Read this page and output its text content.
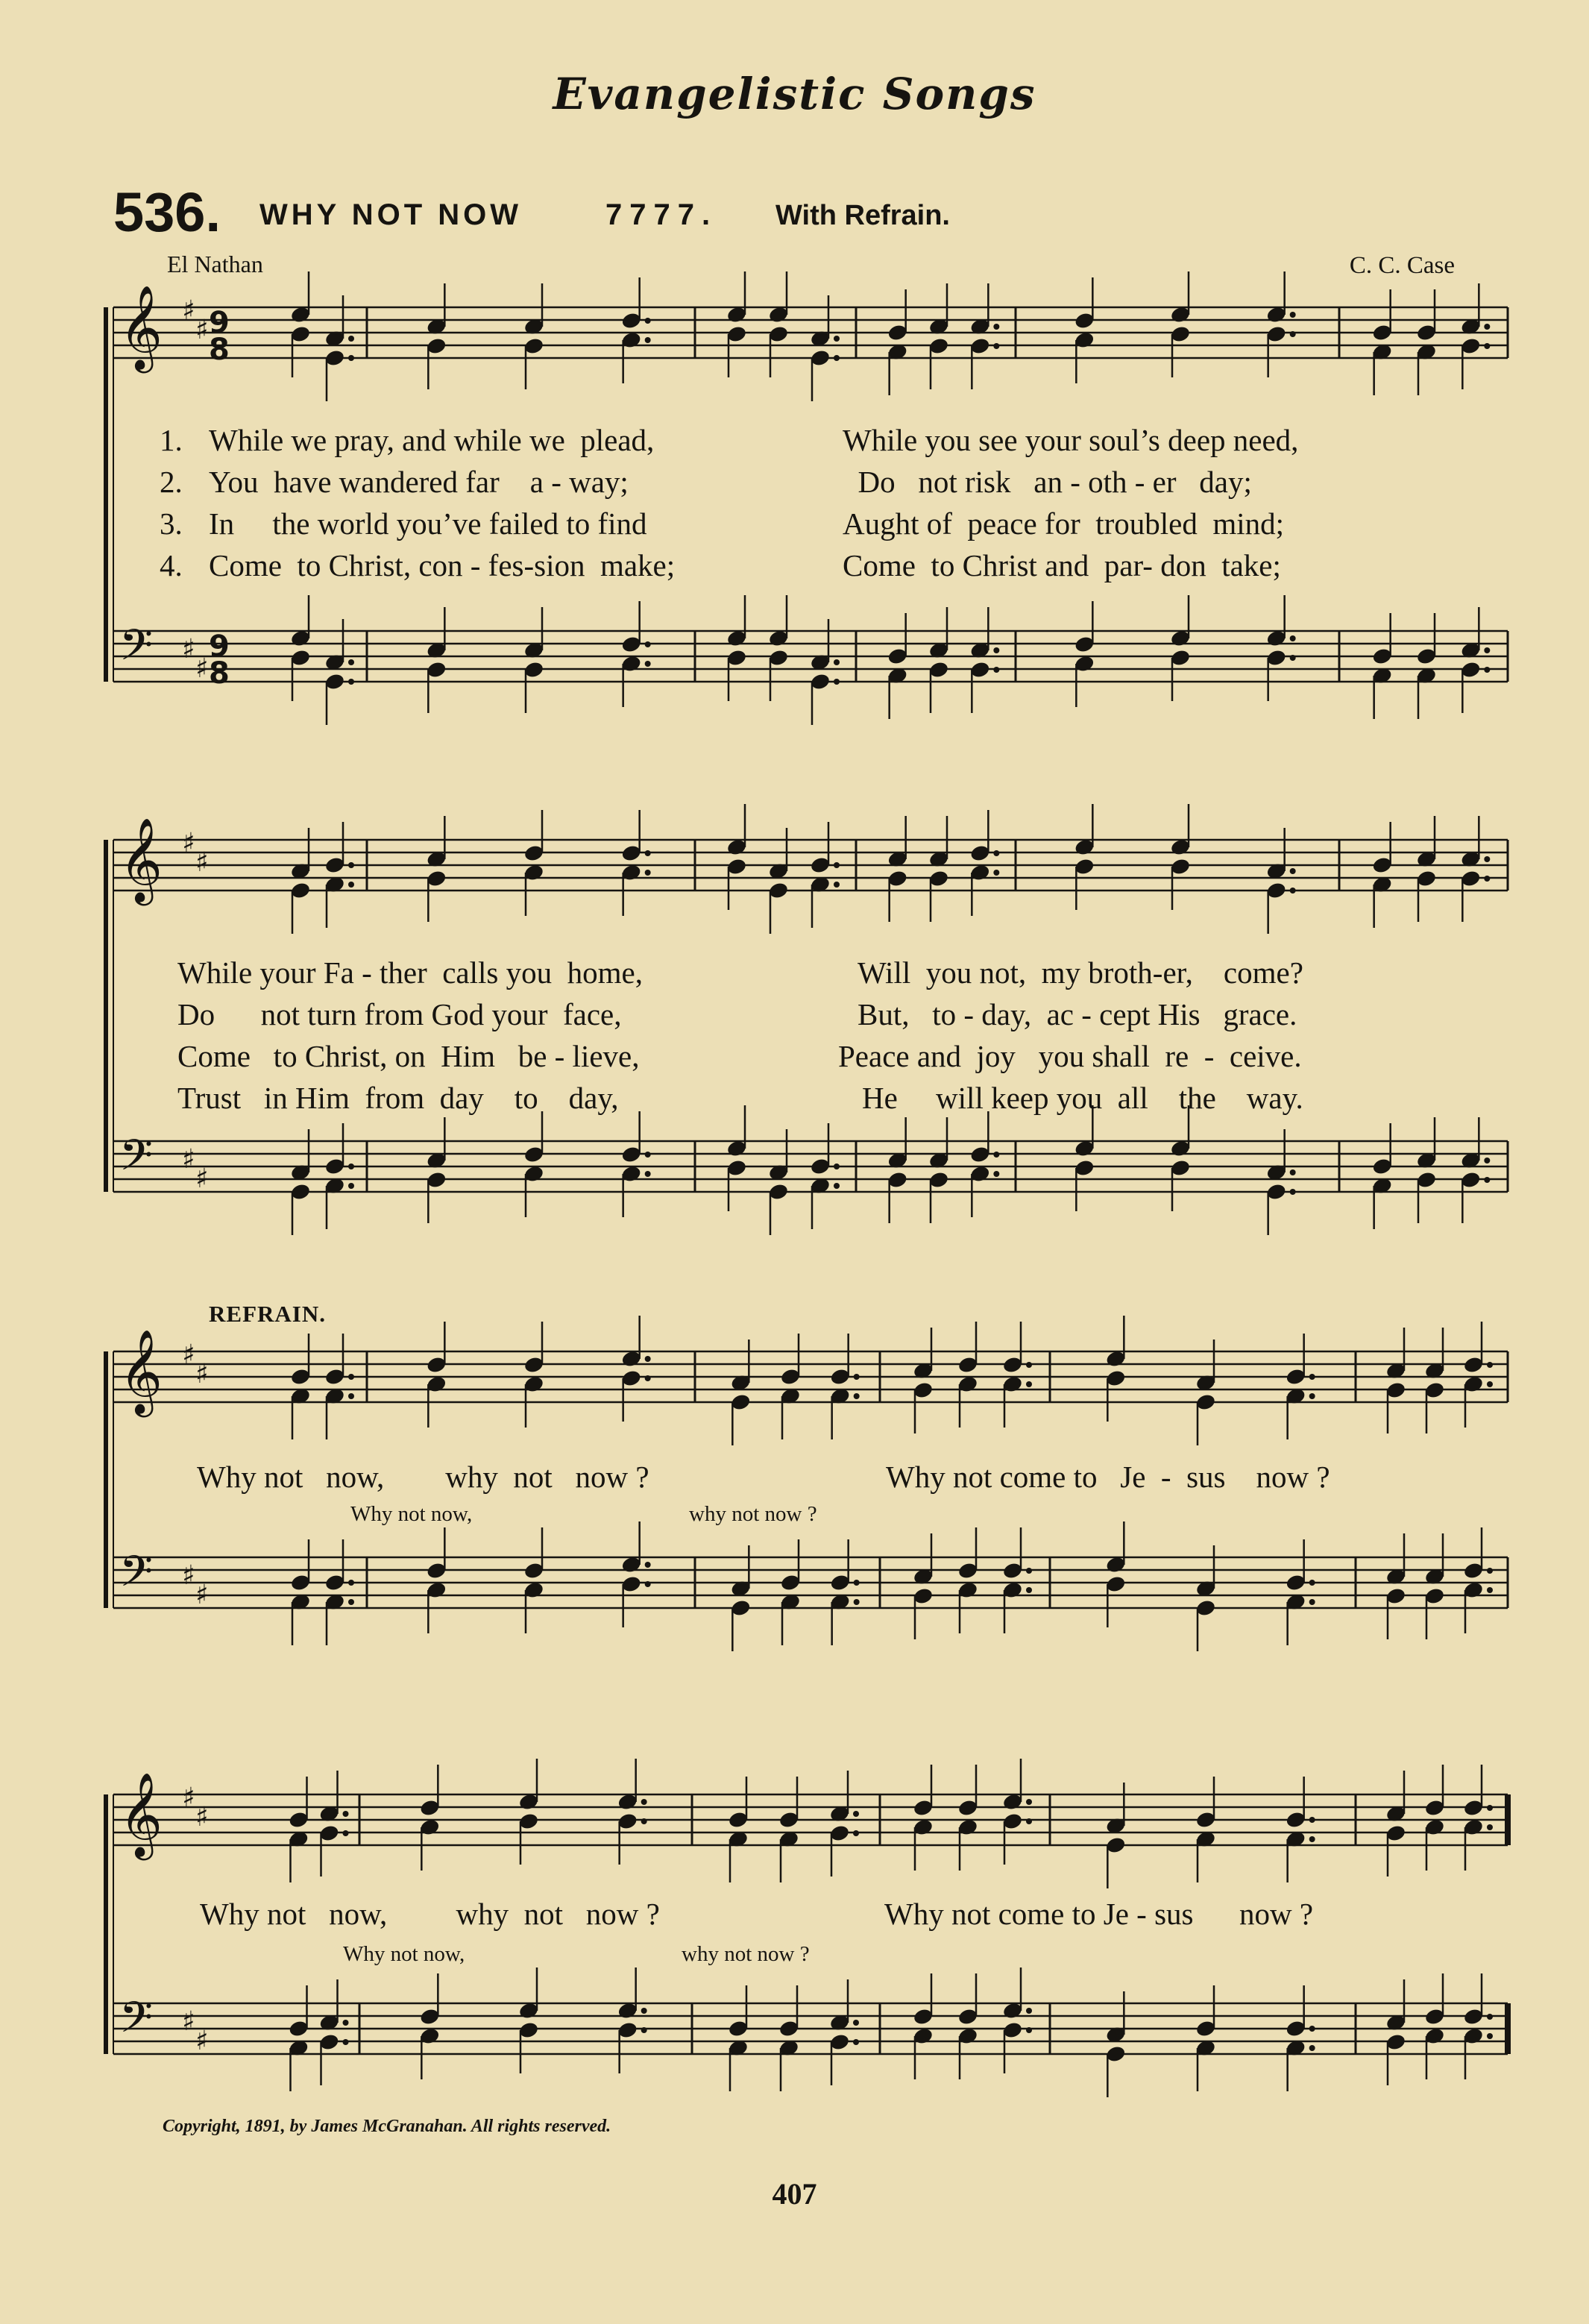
Evangelistic Songs
536. WHY NOT NOW	7777. With Refrain.
El Nathan	C. C. Case
1. While we pray, and while we  plead,	While you see your soul’s deep need,
2. You  have wandered far    a - way;	Do   not risk   an - oth - er   day;
3. In     the world you’ve failed to find	Aught of  peace for  troubled  mind;
4. Come  to Christ, con - fes-sion  make;	Come  to Christ and  par- don  take;
While your Fa - ther  calls you  home,	Will  you not,  my broth-er,    come?
Do      not turn from God your  face,	But,   to - day,  ac - cept His   grace.
Come   to Christ, on  Him   be - lieve,	Peace and  joy   you shall  re  -  ceive.
Trust   in Him  from  day    to    day,	He     will keep you  all    the    way.
REFRAIN.
Why not   now,        why  not   now ?	Why not come to   Je  -  sus    now ?
Why not now,	why not now ?
Why not   now,         why  not   now ?	Why not come to Je - sus      now ?
Why not now,	why not now ?
Copyright, 1891, by James McGranahan. All rights reserved.
407
𝄞 ♯
♯ 9
8
𝄢 ♯
♯
9
8
𝄞 ♯
♯
𝄢 ♯
♯
𝄞 ♯
♯
𝄢 ♯
♯
𝄞 ♯
♯
𝄢 ♯
♯
